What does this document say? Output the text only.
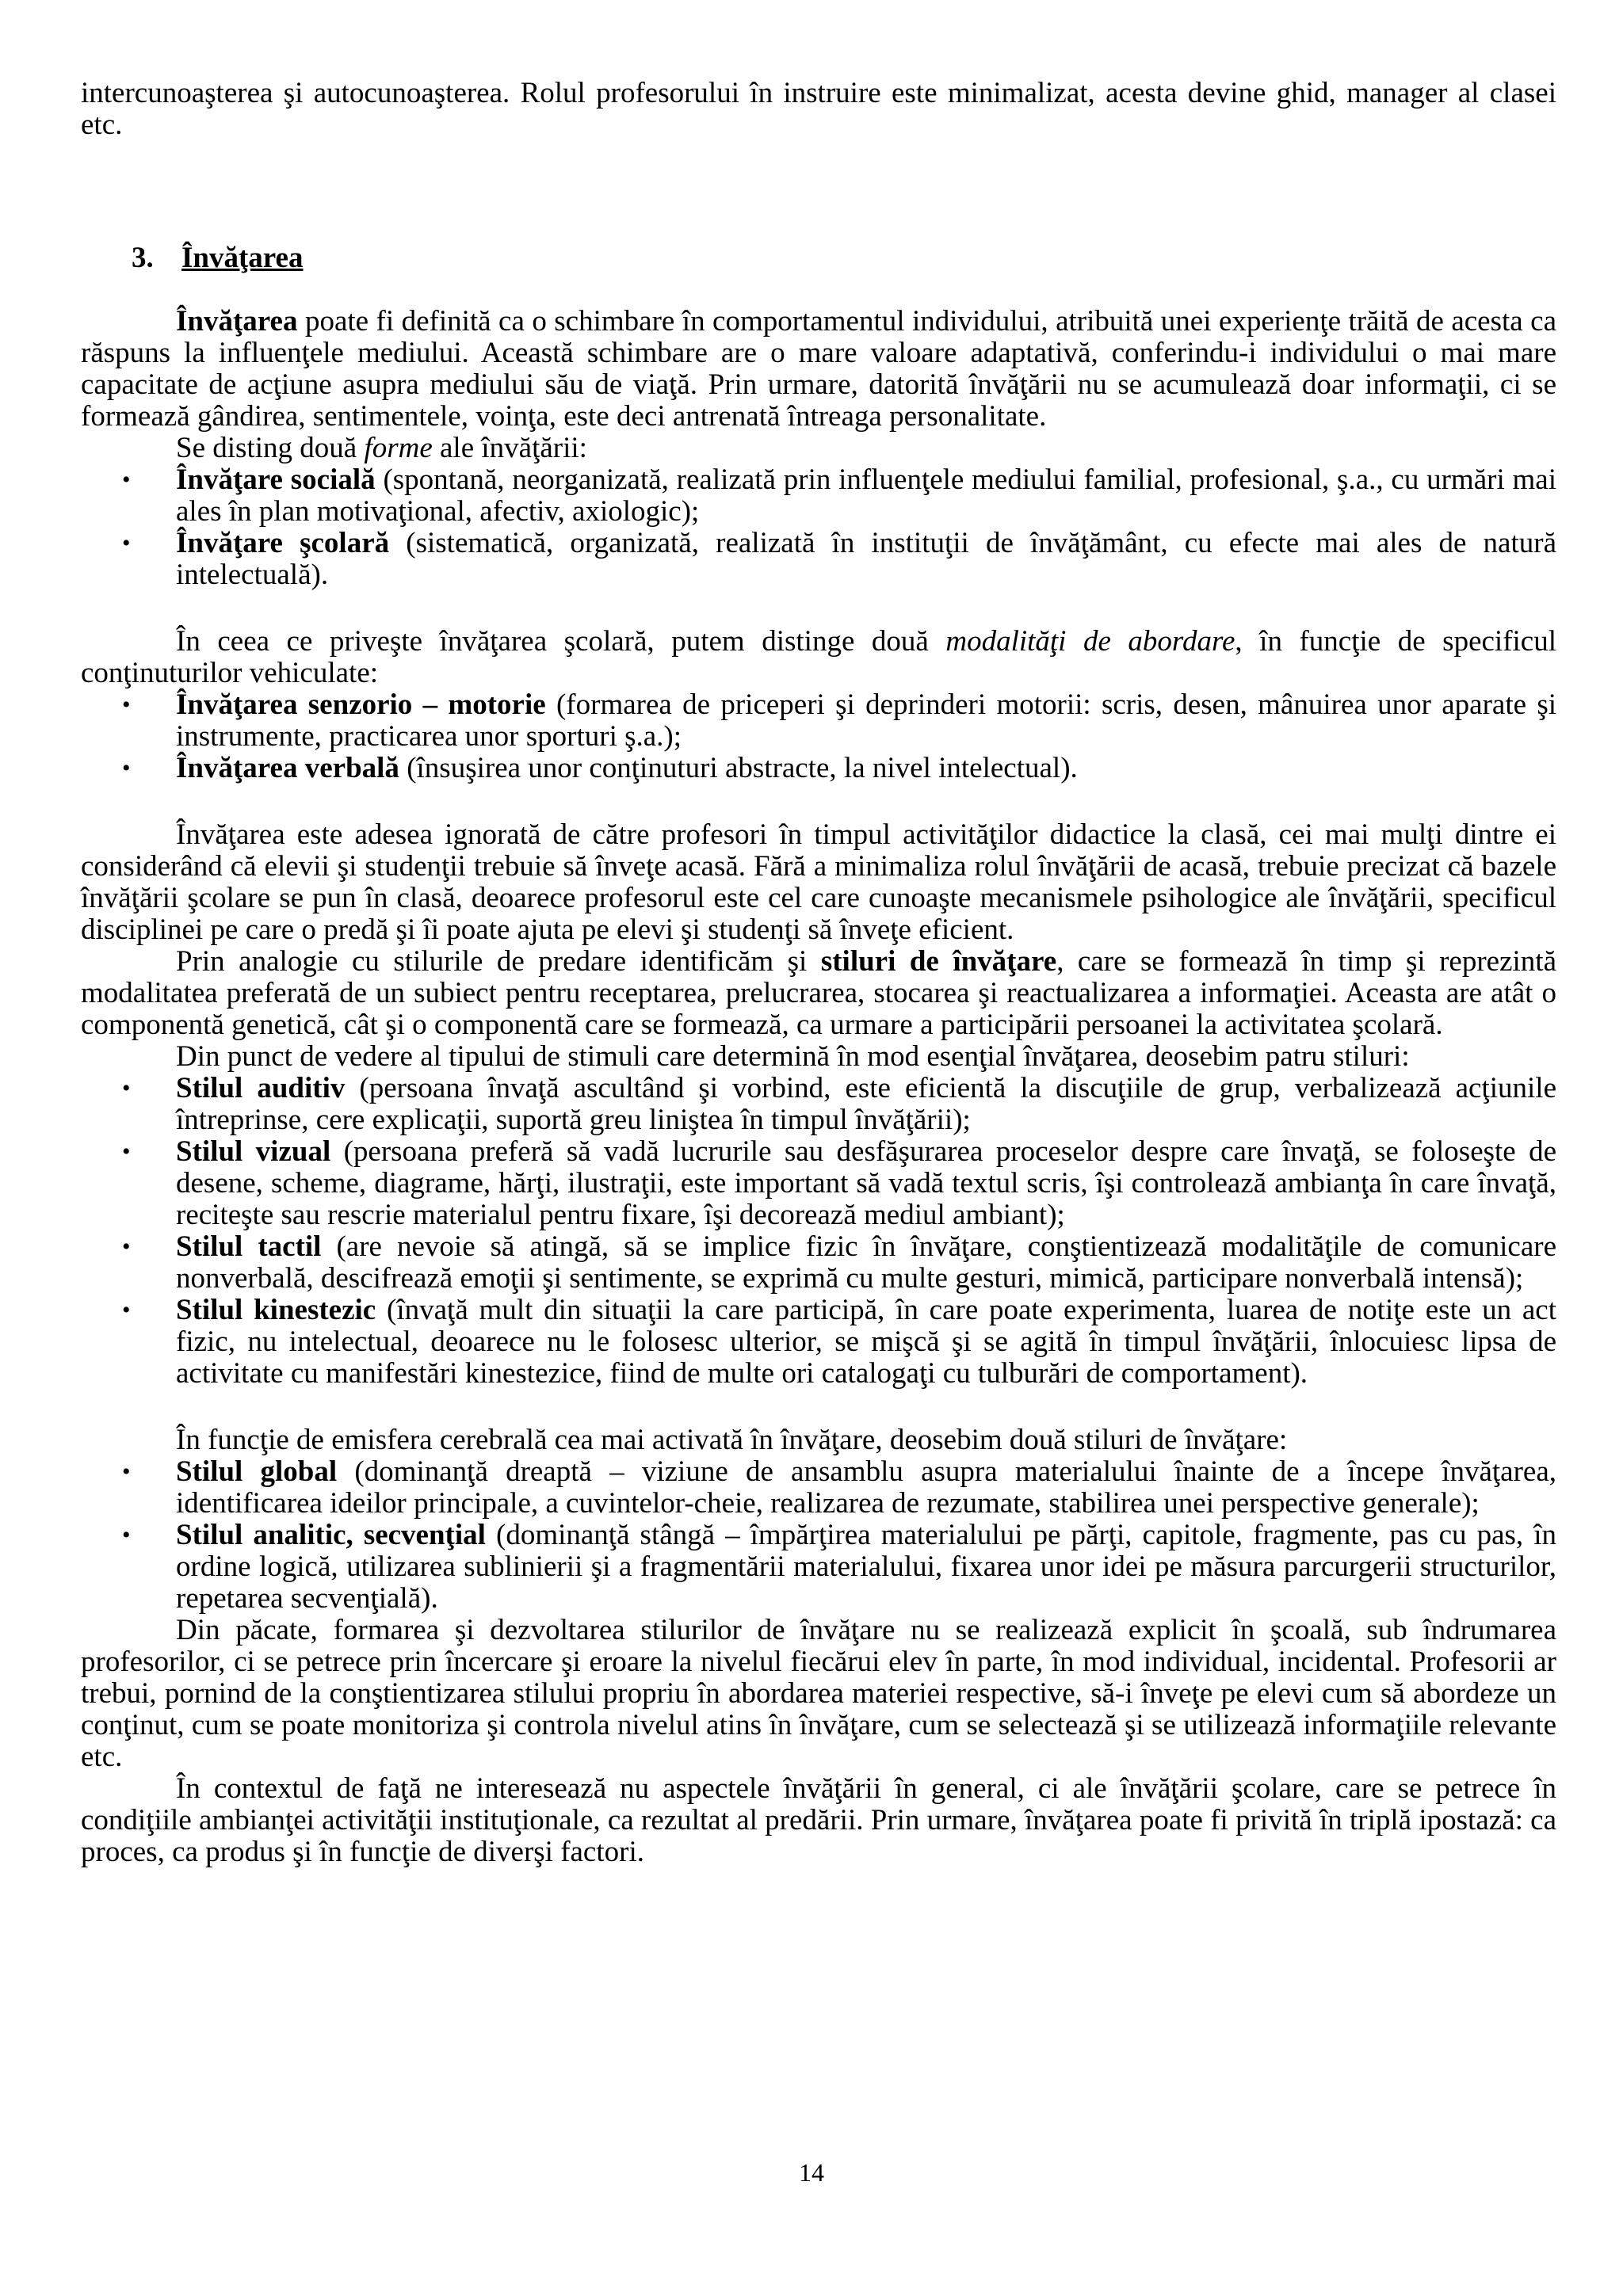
intercunoaşterea şi autocunoaşterea. Rolul profesorului în instruire este minimalizat, acesta devine ghid, manager al clasei etc.

3. Învăţarea

Învăţarea poate fi definită ca o schimbare în comportamentul individului, atribuită unei experienţe trăită de acesta ca răspuns la influenţele mediului. Această schimbare are o mare valoare adaptativă, conferindu-i individului o mai mare capacitate de acţiune asupra mediului său de viaţă. Prin urmare, datorită învăţării nu se acumulează doar informaţii, ci se formează gândirea, sentimentele, voinţa, este deci antrenată întreaga personalitate.

Se disting două forme ale învăţării:

• Învăţare socială (spontană, neorganizată, realizată prin influenţele mediului familial, profesional, ş.a., cu urmări mai ales în plan motivaţional, afectiv, axiologic);
• Învăţare şcolară (sistematică, organizată, realizată în instituţii de învăţământ, cu efecte mai ales de natură intelectuală).

În ceea ce priveşte învăţarea şcolară, putem distinge două modalităţi de abordare, în funcţie de specificul conţinuturilor vehiculate:

• Învăţarea senzorio – motorie (formarea de priceperi şi deprinderi motorii: scris, desen, mânuirea unor aparate şi instrumente, practicarea unor sporturi ş.a.);
• Învăţarea verbală (însuşirea unor conţinuturi abstracte, la nivel intelectual).

Învăţarea este adesea ignorată de către profesori în timpul activităţilor didactice la clasă, cei mai mulţi dintre ei considerând că elevii şi studenţii trebuie să înveţe acasă. Fără a minimaliza rolul învăţării de acasă, trebuie precizat că bazele învăţării şcolare se pun în clasă, deoarece profesorul este cel care cunoaşte mecanismele psihologice ale învăţării, specificul disciplinei pe care o predă şi îi poate ajuta pe elevi şi studenţi să înveţe eficient.

Prin analogie cu stilurile de predare identificăm şi stiluri de învăţare, care se formează în timp şi reprezintă modalitatea preferată de un subiect pentru receptarea, prelucrarea, stocarea şi reactualizarea a informaţiei. Aceasta are atât o componentă genetică, cât şi o componentă care se formează, ca urmare a participării persoanei la activitatea şcolară.

Din punct de vedere al tipului de stimuli care determină în mod esenţial învăţarea, deosebim patru stiluri:

• Stilul auditiv (persoana învaţă ascultând şi vorbind, este eficientă la discuţiile de grup, verbalizează acţiunile întreprinse, cere explicaţii, suportă greu liniştea în timpul învăţării);
• Stilul vizual (persoana preferă să vadă lucrurile sau desfăşurarea proceselor despre care învaţă, se foloseşte de desene, scheme, diagrame, hărţi, ilustraţii, este important să vadă textul scris, îşi controlează ambianţa în care învaţă, reciteşte sau rescrie materialul pentru fixare, îşi decorează mediul ambiant);
• Stilul tactil (are nevoie să atingă, să se implice fizic în învăţare, conştientizează modalităţile de comunicare nonverbală, descifrează emoţii şi sentimente, se exprimă cu multe gesturi, mimică, participare nonverbală intensă);
• Stilul kinestezic (învaţă mult din situaţii la care participă, în care poate experimenta, luarea de notiţe este un act fizic, nu intelectual, deoarece nu le folosesc ulterior, se mişcă şi se agită în timpul învăţării, înlocuiesc lipsa de activitate cu manifestări kinestezice, fiind de multe ori catalogaţi cu tulburări de comportament).

În funcţie de emisfera cerebrală cea mai activată în învăţare, deosebim două stiluri de învăţare:

• Stilul global (dominanţă dreaptă – viziune de ansamblu asupra materialului înainte de a începe învăţarea, identificarea ideilor principale, a cuvintelor-cheie, realizarea de rezumate, stabilirea unei perspective generale);
• Stilul analitic, secvenţial (dominanţă stângă – împărţirea materialului pe părţi, capitole, fragmente, pas cu pas, în ordine logică, utilizarea sublinierii şi a fragmentării materialului, fixarea unor idei pe măsura parcurgerii structurilor, repetarea secvenţială).

Din păcate, formarea şi dezvoltarea stilurilor de învăţare nu se realizează explicit în şcoală, sub îndrumarea profesorilor, ci se petrece prin încercare şi eroare la nivelul fiecărui elev în parte, în mod individual, incidental. Profesorii ar trebui, pornind de la conştientizarea stilului propriu în abordarea materiei respective, să-i înveţe pe elevi cum să abordeze un conţinut, cum se poate monitoriza şi controla nivelul atins în învăţare, cum se selectează şi se utilizează informaţiile relevante etc.

În contextul de faţă ne interesează nu aspectele învăţării în general, ci ale învăţării şcolare, care se petrece în condiţiile ambianţei activităţii instituţionale, ca rezultat al predării. Prin urmare, învăţarea poate fi privită în triplă ipostază: ca proces, ca produs şi în funcţie de diverşi factori.

14
